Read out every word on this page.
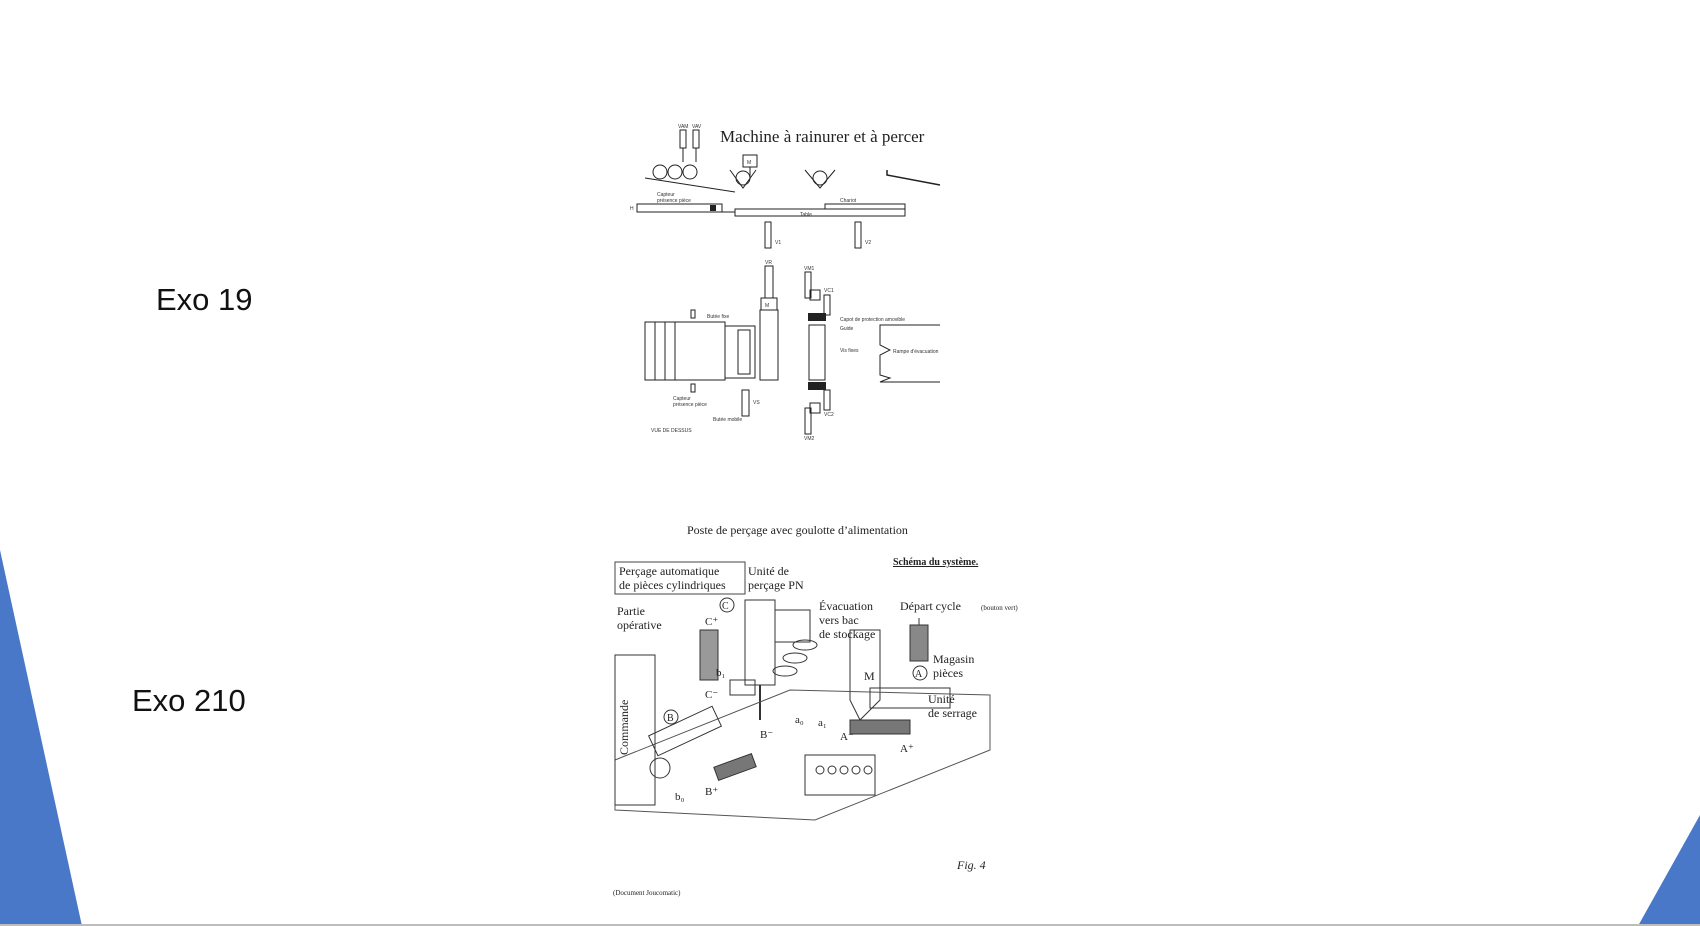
Exo 19
Exo 210
Machine à rainurer et à percer
VAM VAV
Capteur
présence pièce
M
H
Chariot
Table
V1	V2
VR
M
Butée fixe
Capteur
présence pièce
Butée mobile
VUE DE DESSUS
VS
VM1
VC1
Capot de protection amovible
Guide
Vis fixes	Rampe d'évacuation
VC2
VM2
Poste de perçage avec goulotte d’alimentation
Schéma du système.
Perçage automatique
de pièces cylindriques
Unité de
perçage PN
Partie
opérative
C	Évacuation
vers bac
de stockage
Départ cycle	(bouton vert)
Magasin
pièces
Unité
de serrage
C⁺
C⁻
M
Commande
b₁
B
A
a₀ a₁
A⁻
A⁺
B⁻
B⁺
b₀
Fig. 4
(Document Joucomatic)
